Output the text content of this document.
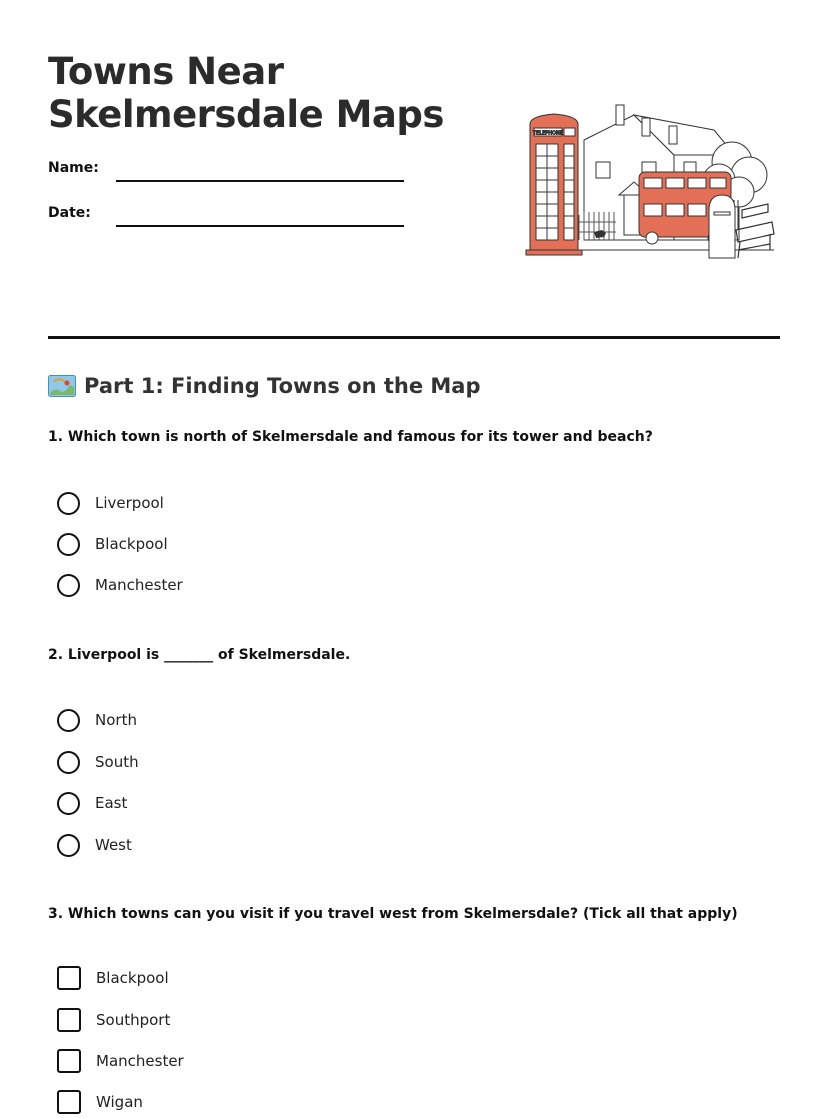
Towns Near Skelmersdale Maps
Name:
Date:
TELEPHONE
Part 1: Finding Towns on the Map
1. Which town is north of Skelmersdale and famous for its tower and beach?
Liverpool
Blackpool
Manchester
2. Liverpool is _______ of Skelmersdale.
North
South
East
West
3. Which towns can you visit if you travel west from Skelmersdale? (Tick all that apply)
Blackpool
Southport
Manchester
Wigan
